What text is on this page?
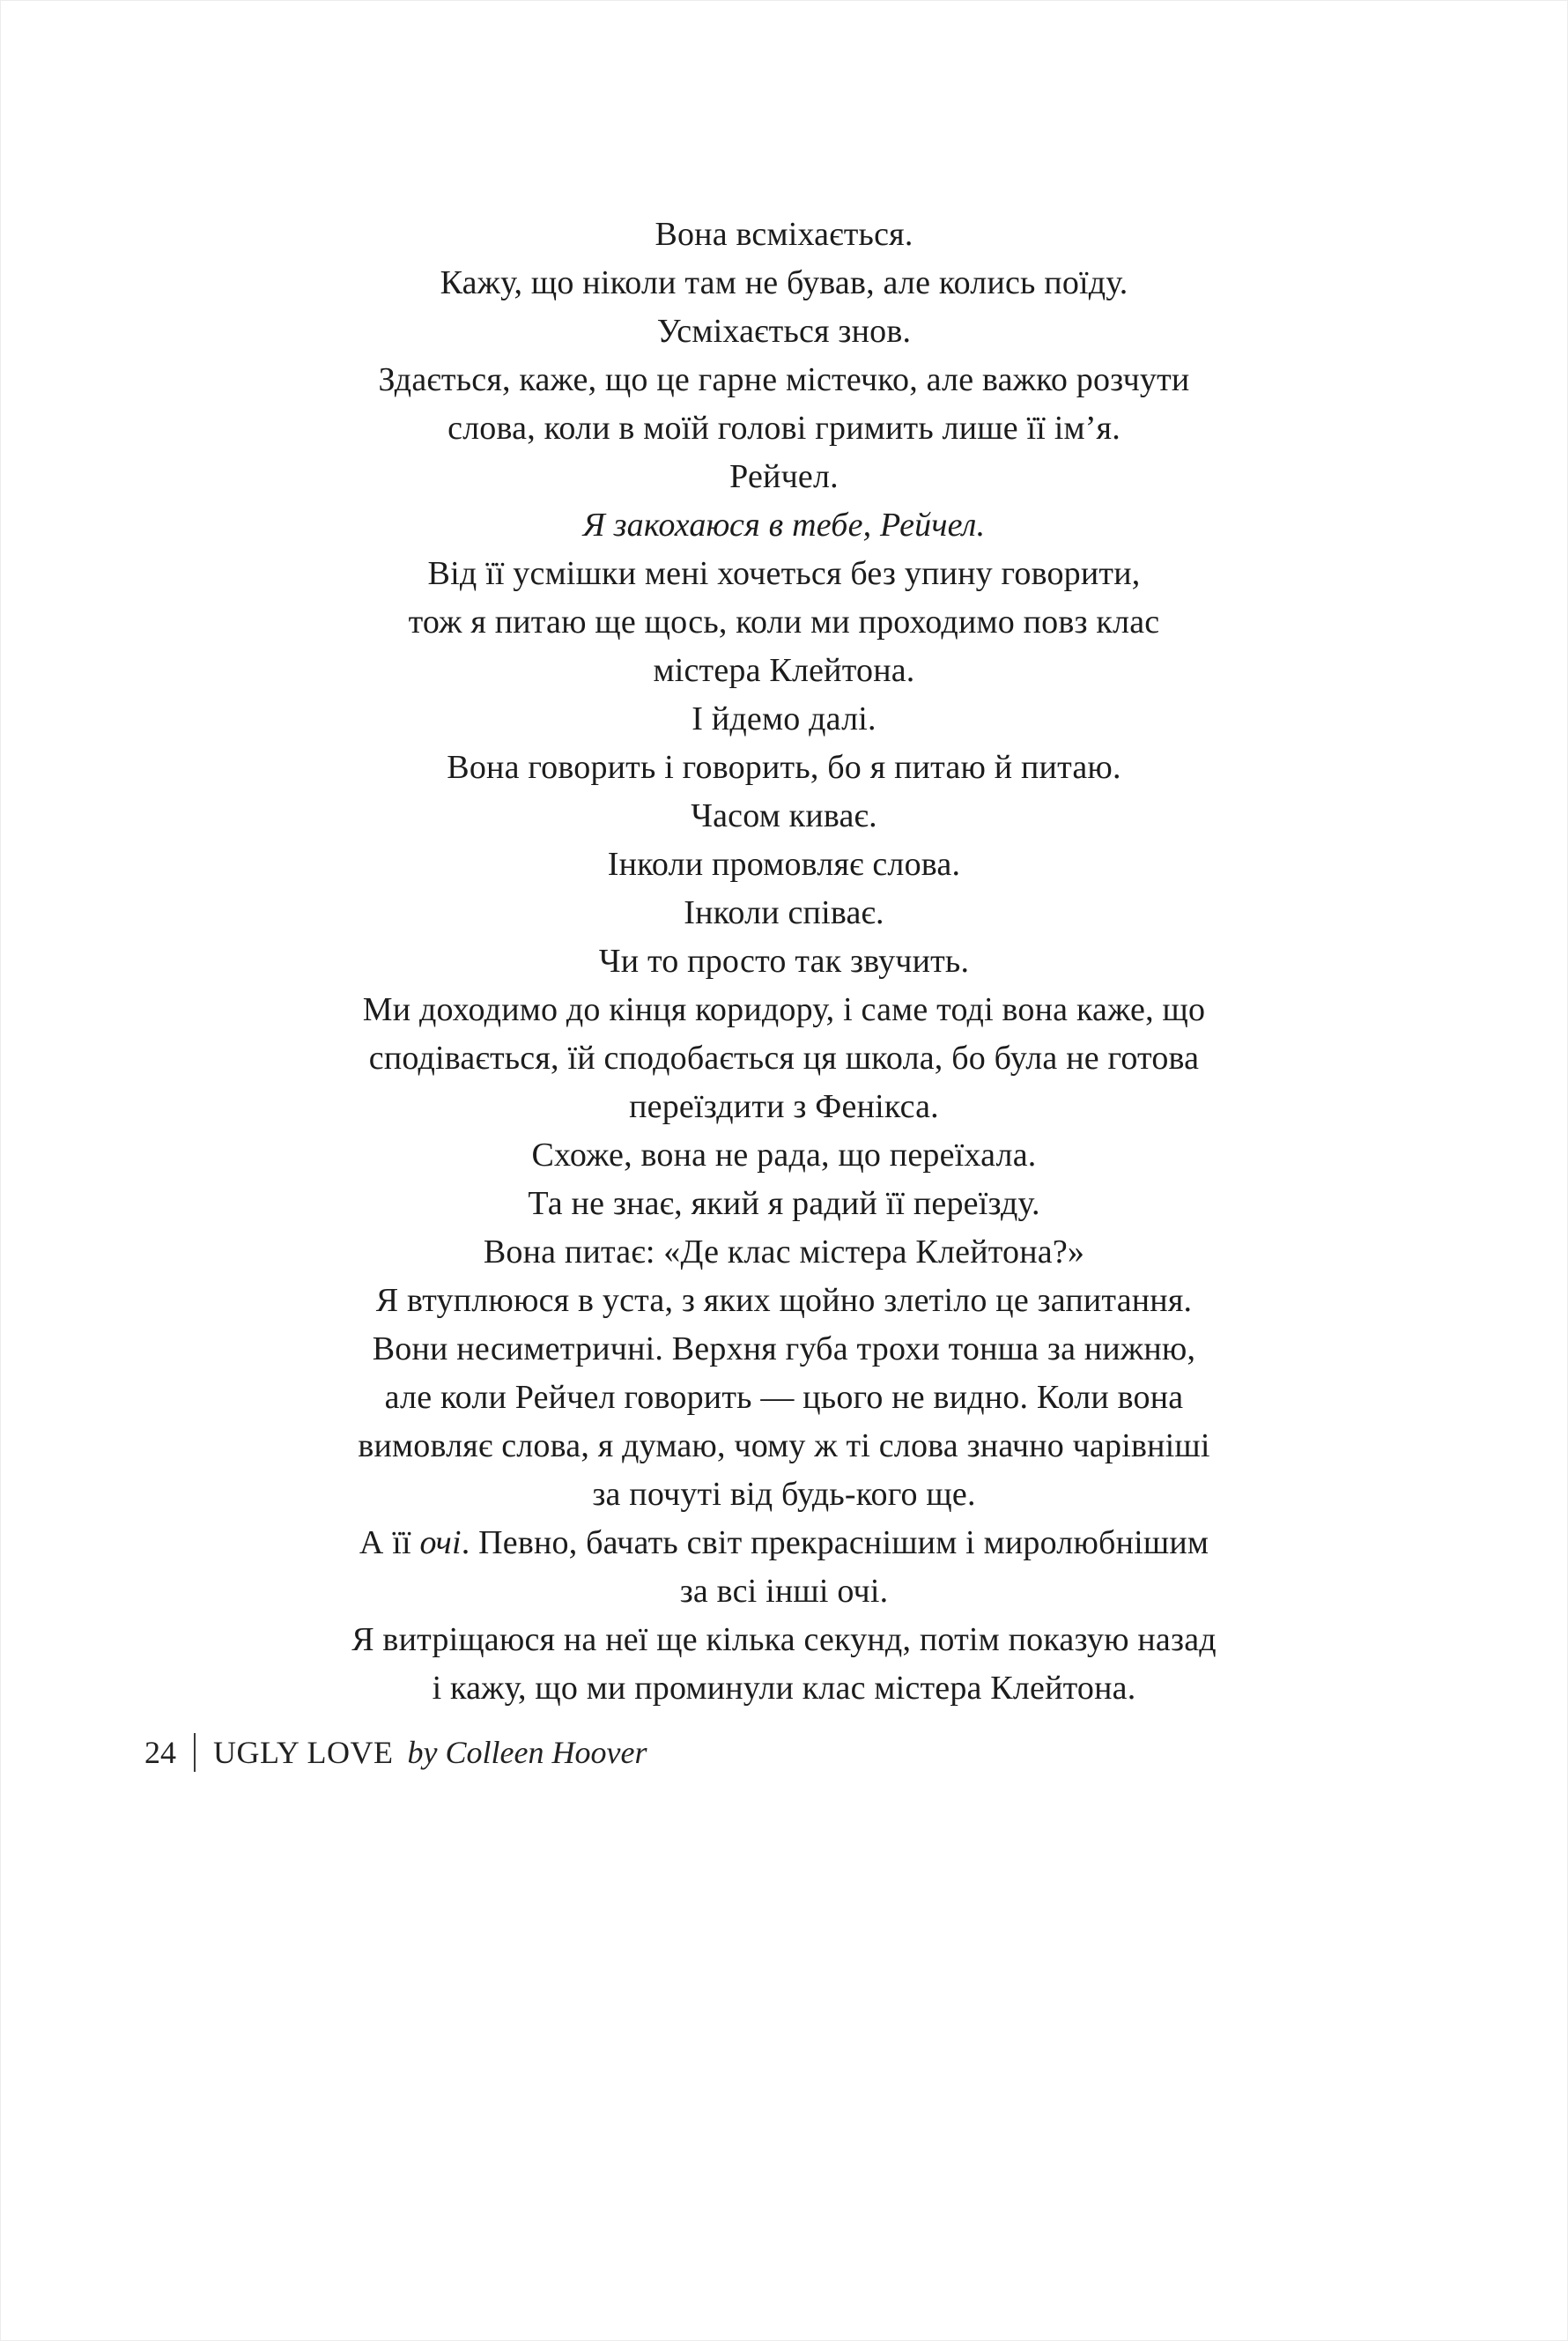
Вона всміхається.
Кажу, що ніколи там не бував, але колись поїду.
Усміхається знов.
Здається, каже, що це гарне містечко, але важко розчути
слова, коли в моїй голові гримить лише її ім’я.
Рейчел.
Я закохаюся в тебе, Рейчел.
Від її усмішки мені хочеться без упину говорити,
тож я питаю ще щось, коли ми проходимо повз клас
містера Клейтона.
І йдемо далі.
Вона говорить і говорить, бо я питаю й питаю.
Часом киває.
Інколи промовляє слова.
Інколи співає.
Чи то просто так звучить.
Ми доходимо до кінця коридору, і саме тоді вона каже, що
сподівається, їй сподобається ця школа, бо була не готова
переїздити з Фенікса.
Схоже, вона не рада, що переїхала.
Та не знає, який я радий її переїзду.
Вона питає: «Де клас містера Клейтона?»
Я втуплююся в уста, з яких щойно злетіло це запитання.
Вони несиметричні. Верхня губа трохи тонша за нижню,
але коли Рейчел говорить — цього не видно. Коли вона
вимовляє слова, я думаю, чому ж ті слова значно чарівніші
за почуті від будь-кого ще.
А її очі. Певно, бачать світ прекраснішим і миролюбнішим
за всі інші очі.
Я витріщаюся на неї ще кілька секунд, потім показую назад
і кажу, що ми проминули клас містера Клейтона.
24 UGLY LOVE by Colleen Hoover
